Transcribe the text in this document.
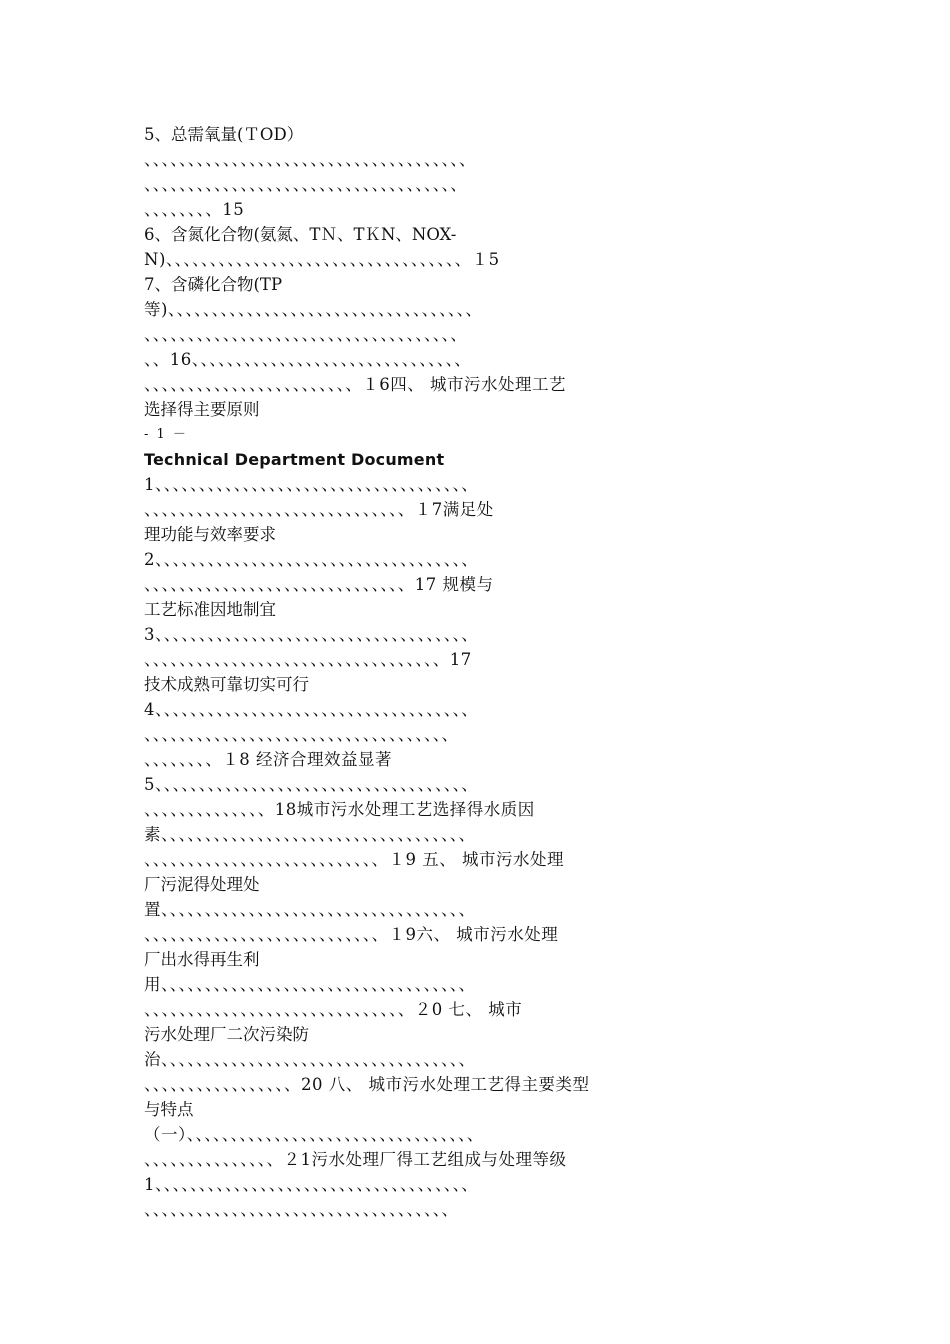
5、总需氧量(ＴOD）
、、、、、、、、、、、、、、、、、、、、、、、、、、、、、、、、、、、、、
、、、、、、、、、、、、、、、、、、、、、、、、、、、、、、、、、、、、
、、、、、、、、15
6、含氮化合物(氨氮、TＮ、TＫN、NOX-
N)、、、、、、、、、、、、、、、、、、、、、、、、、、、、、、、、、、１5
7、含磷化合物(TP
等)、、、、、、、、、、、、、、、、、、、、、、、、、、、、、、、、、、、
、、、、、、、、、、、、、、、、、、、、、、、、、、、、、、、、、、、、
、、16、、、、、、、、、、、、、、、、、、、、、、、、、、、、、、、
、、、、、、、、、、、、、、、、、、、、、、、、１6四、 城市污水处理工艺
选择得主要原则
- 1 －
Technical Department Document
1、、、、、、、、、、、、、、、、、、、、、、、、、、、、、、、、、、、、
、、、、、、、、、、、、、、、、、、、、、、、、、、、、、、１7满足处
理功能与效率要求
2、、、、、、、、、、、、、、、、、、、、、、、、、、、、、、、、、、、、
、、、、、、、、、、、、、、、、、、、、、、、、、、、、、、17 规模与
工艺标准因地制宜
3、、、、、、、、、、、、、、、、、、、、、、、、、、、、、、、、、、、、
、、、、、、、、、、、、、、、、、、、、、、、、、、、、、、、、、、17
技术成熟可靠切实可行
4、、、、、、、、、、、、、、、、、、、、、、、、、、、、、、、、、、、、
、、、、、、、、、、、、、、、、、、、、、、、、、、、、、、、、、、、
、、、、、、、、１8 经济合理效益显著
5、、、、、、、、、、、、、、、、、、、、、、、、、、、、、、、、、、、、
、、、、、、、、、、、、、、18城市污水处理工艺选择得水质因
素、、、、、、、、、、、、、、、、、、、、、、、、、、、、、、、、、、、
、、、、、、、、、、、、、、、、、、、、、、、、、、、１9 五、 城市污水处理
厂污泥得处理处
置、、、、、、、、、、、、、、、、、、、、、、、、、、、、、、、、、、、
、、、、、、、、、、、、、、、、、、、、、、、、、、、１9六、 城市污水处理
厂出水得再生利
用、、、、、、、、、、、、、、、、、、、、、、、、、、、、、、、、、、、
、、、、、、、、、、、、、、、、、、、、、、、、、、、、、、２0 七、 城市
污水处理厂二次污染防
治、、、、、、、、、、、、、、、、、、、、、、、、、、、、、、、、、、、
、、、、、、、、、、、、、、、、、20 八、 城市污水处理工艺得主要类型
与特点
（一）、、、、、、、、、、、、、、、、、、、、、、、、、、、、、、、、、
、、、、、、、、、、、、、、、２1污水处理厂得工艺组成与处理等级
1、、、、、、、、、、、、、、、、、、、、、、、、、、、、、、、、、、、、
、、、、、、、、、、、、、、、、、、、、、、、、、、、、、、、、、、、
